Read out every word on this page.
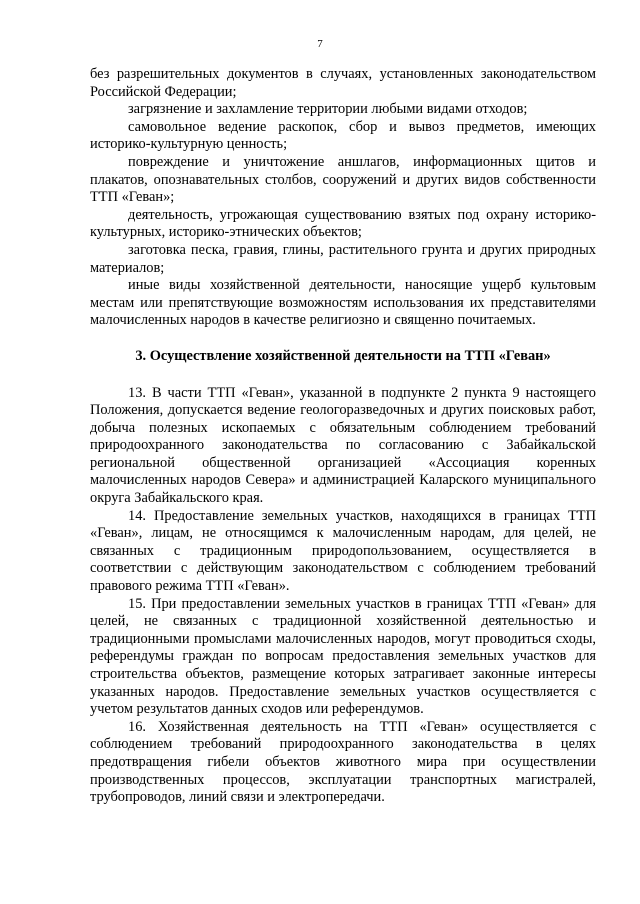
7

без разрешительных документов в случаях, установленных законодательством Российской Федерации;

загрязнение и захламление территории любыми видами отходов;

самовольное ведение раскопок, сбор и вывоз предметов, имеющих историко-культурную ценность;

повреждение и уничтожение аншлагов, информационных щитов и плакатов, опознавательных столбов, сооружений и других видов собственности ТТП «Геван»;

деятельность, угрожающая существованию взятых под охрану историко-культурных, историко-этнических объектов;

заготовка песка, гравия, глины, растительного грунта и других природных материалов;

иные виды хозяйственной деятельности, наносящие ущерб культовым местам или препятствующие возможностям использования их представителями малочисленных народов в качестве религиозно и священно почитаемых.

3. Осуществление хозяйственной деятельности на ТТП «Геван»

13. В части ТТП «Геван», указанной в подпункте 2 пункта 9 настоящего Положения, допускается ведение геологоразведочных и других поисковых работ, добыча полезных ископаемых с обязательным соблюдением требований природоохранного законодательства по согласованию с Забайкальской региональной общественной организацией «Ассоциация коренных малочисленных народов Севера» и администрацией Каларского муниципального округа Забайкальского края.

14. Предоставление земельных участков, находящихся в границах ТТП «Геван», лицам, не относящимся к малочисленным народам, для целей, не связанных с традиционным природопользованием, осуществляется в соответствии с действующим законодательством с соблюдением требований правового режима ТТП «Геван».

15. При предоставлении земельных участков в границах ТТП «Геван» для целей, не связанных с традиционной хозяйственной деятельностью и традиционными промыслами малочисленных народов, могут проводиться сходы, референдумы граждан по вопросам предоставления земельных участков для строительства объектов, размещение которых затрагивает законные интересы указанных народов. Предоставление земельных участков осуществляется с учетом результатов данных сходов или референдумов.

16. Хозяйственная деятельность на ТТП «Геван» осуществляется с соблюдением требований природоохранного законодательства в целях предотвращения гибели объектов животного мира при осуществлении производственных процессов, эксплуатации транспортных магистралей, трубопроводов, линий связи и электропередачи.
